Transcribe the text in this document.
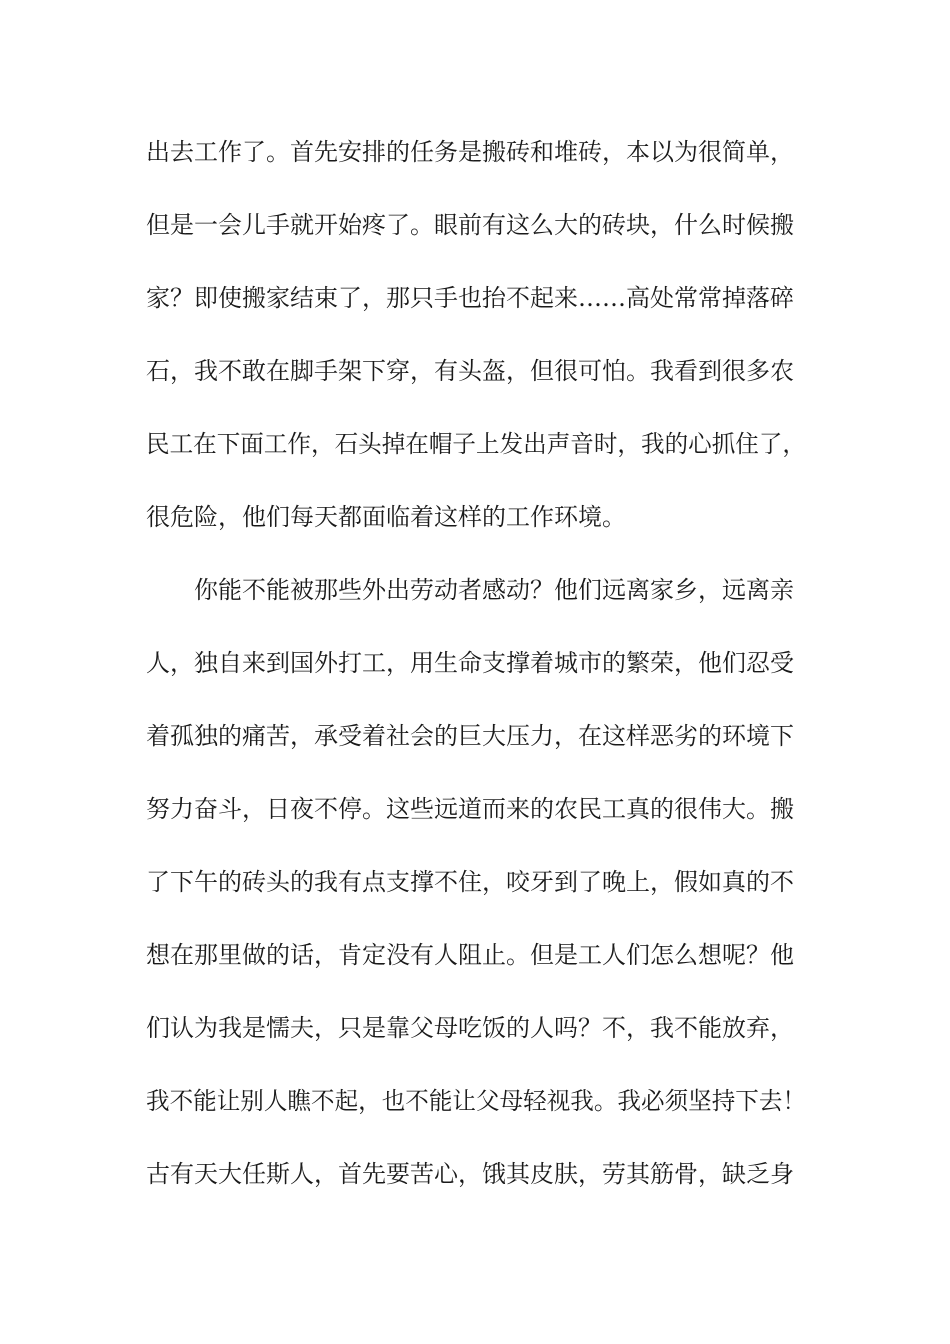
出去工作了。首先安排的任务是搬砖和堆砖，本以为很简单，
但是一会儿手就开始疼了。眼前有这么大的砖块，什么时候搬
家？即使搬家结束了，那只手也抬不起来……高处常常掉落碎
石，我不敢在脚手架下穿，有头盔，但很可怕。我看到很多农
民工在下面工作，石头掉在帽子上发出声音时，我的心抓住了，
很危险，他们每天都面临着这样的工作环境。
你能不能被那些外出劳动者感动？他们远离家乡，远离亲
人，独自来到国外打工，用生命支撑着城市的繁荣，他们忍受
着孤独的痛苦，承受着社会的巨大压力，在这样恶劣的环境下
努力奋斗，日夜不停。这些远道而来的农民工真的很伟大。搬
了下午的砖头的我有点支撑不住，咬牙到了晚上，假如真的不
想在那里做的话，肯定没有人阻止。但是工人们怎么想呢？他
们认为我是懦夫，只是靠父母吃饭的人吗？不，我不能放弃，
我不能让别人瞧不起，也不能让父母轻视我。我必须坚持下去！
古有天大任斯人，首先要苦心，饿其皮肤，劳其筋骨，缺乏身
